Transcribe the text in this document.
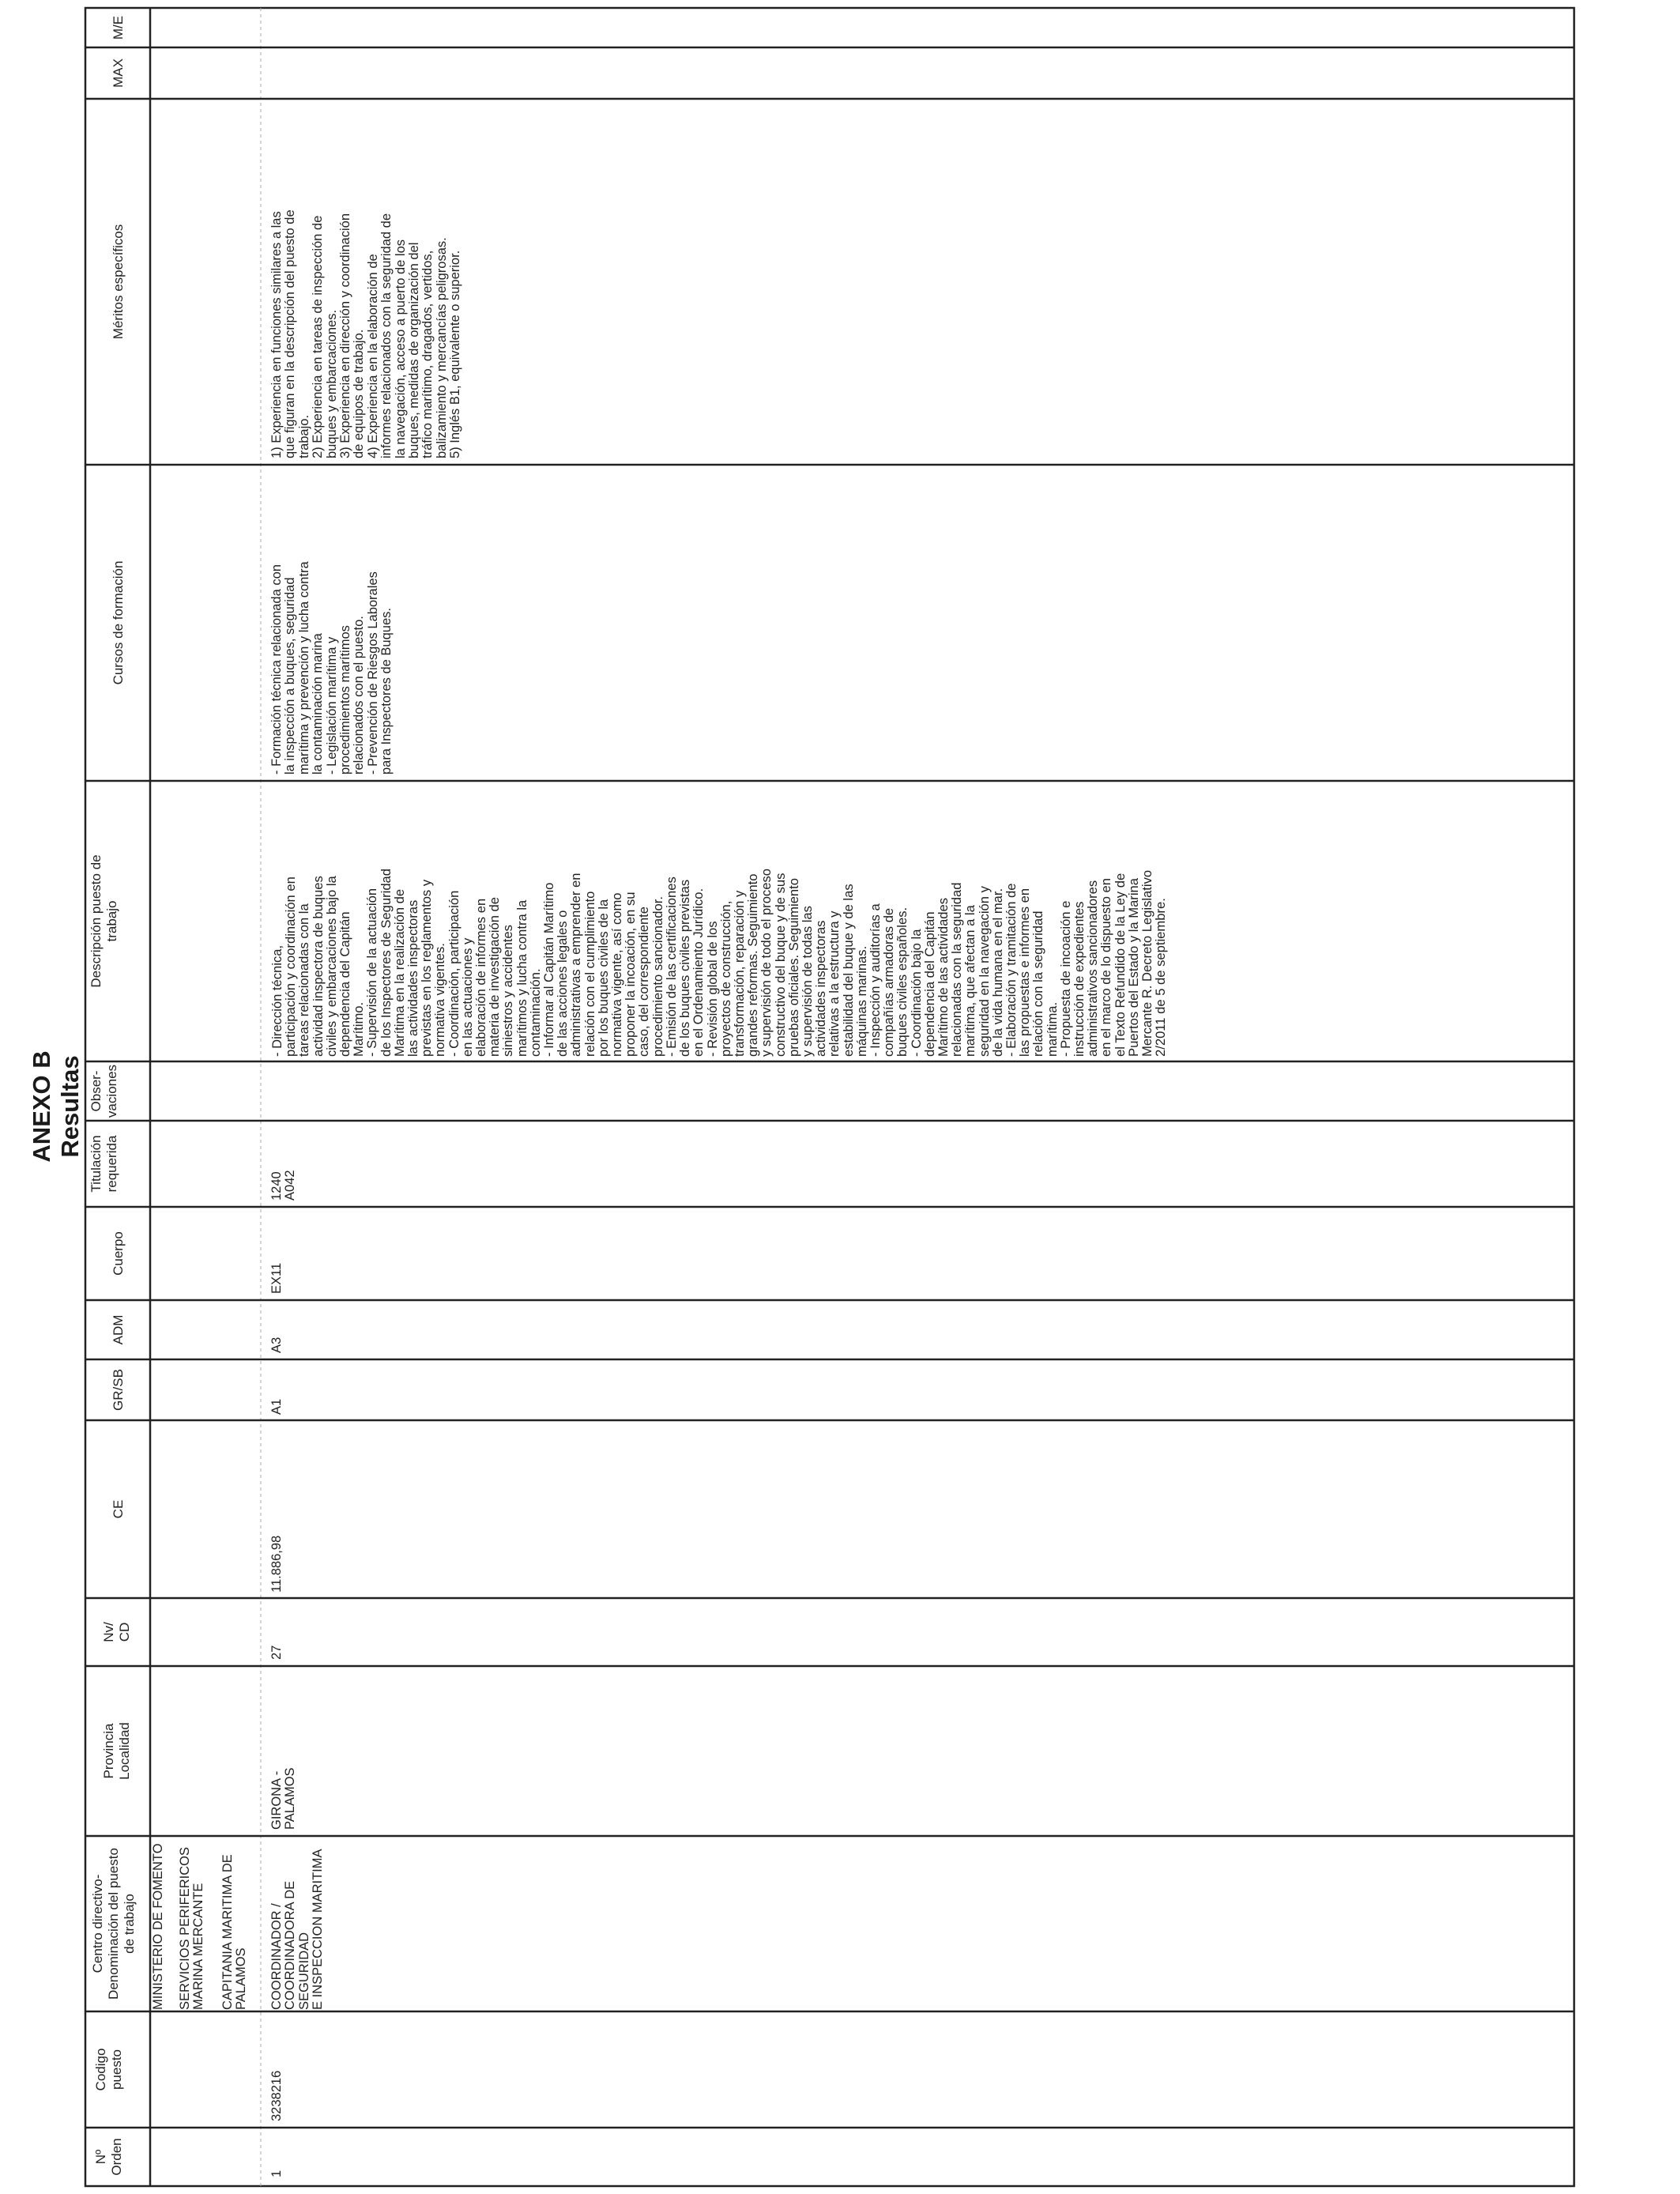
ANEXO B Resultas
Nº
Orden
Codigo
puesto
Centro directivo-
Denominación del puesto
de trabajo
Provincia
Localidad
Nv/
CD
CE
GR/SB
ADM
Cuerpo
Titulación
requerida
Obser-
vaciones
Descripción puesto de
trabajo
Cursos de formación
Méritos específicos
MAX
M/E
MINISTERIO DE FOMENTO SERVICIOS PERIFERICOS
MARINA MERCANTE
CAPITANIA MARITIMA DE
PALAMOS
1
3238216
COORDINADOR /
COORDINADORA DE SEGURIDAD
E INSPECCION MARITIMA
GIRONA -
PALAMOS
27
11.886,98
A1
A3
EX11
1240
A042
- Dirección técnica,
participación y coordinación en
tareas relacionadas con la
actividad inspectora de buques
civiles y embarcaciones bajo la
dependencia del Capitán
Marítimo.
- Supervisión de la actuación
de los Inspectores de Seguridad
Marítima en la realización de
las actividades inspectoras
previstas en los reglamentos y
normativa vigentes.
- Coordinación, participación
en las actuaciones y
elaboración de informes en
materia de investigación de
siniestros y accidentes
marítimos y lucha contra la
contaminación.
- Informar al Capitán Marítimo
de las acciones legales o
administrativas a emprender en
relación con el cumplimiento
por los buques civiles de la
normativa vigente, así como
proponer la incoación, en su
caso, del correspondiente
procedimiento sancionador.
- Emisión de las certificaciones
de los buques civiles previstas
en el Ordenamiento Jurídico.
- Revisión global de los
proyectos de construcción,
transformación, reparación y
grandes reformas. Seguimiento
y supervisión de todo el proceso
constructivo del buque y de sus
pruebas oficiales. Seguimiento
y supervisión de todas las
actividades inspectoras
relativas a la estructura y
estabilidad del buque y de las
máquinas marinas.
- Inspección y auditorías a
compañías armadoras de
buques civiles españoles.
- Coordinación bajo la
dependencia del Capitán
Marítimo de las actividades
relacionadas con la seguridad
marítima, que afectan a la
seguridad en la navegación y
de la vida humana en el mar.
- Elaboración y tramitación de
las propuestas e informes en
relación con la seguridad
marítima.
- Propuesta de incoación e
instrucción de expedientes
administrativos sancionadores
en el marco de lo dispuesto en
el Texto Refundido de la Ley de
Puertos del Estado y la Marina
Mercante R. Decreto Legislativo
2/2011 de 5 de septiembre.
- Formación técnica relacionada con
la inspección a buques, seguridad
marítima y prevención y lucha contra
la contaminación marina
- Legislación marítima y
procedimientos marítimos
relacionados con el puesto.
- Prevención de Riesgos Laborales
para Inspectores de Buques.
1) Experiencia en funciones similares a las
que figuran en la descripción del puesto de
trabajo.
2) Experiencia en tareas de inspección de
buques y embarcaciones.
3) Experiencia en dirección y coordinación
de equipos de trabajo.
4) Experiencia en la elaboración de
informes relacionados con la seguridad de
la navegación, acceso a puerto de los
buques, medidas de organización del
tráfico marítimo, dragados, vertidos,
balizamiento y mercancías peligrosas.
5) Inglés B1, equivalente o superior.
